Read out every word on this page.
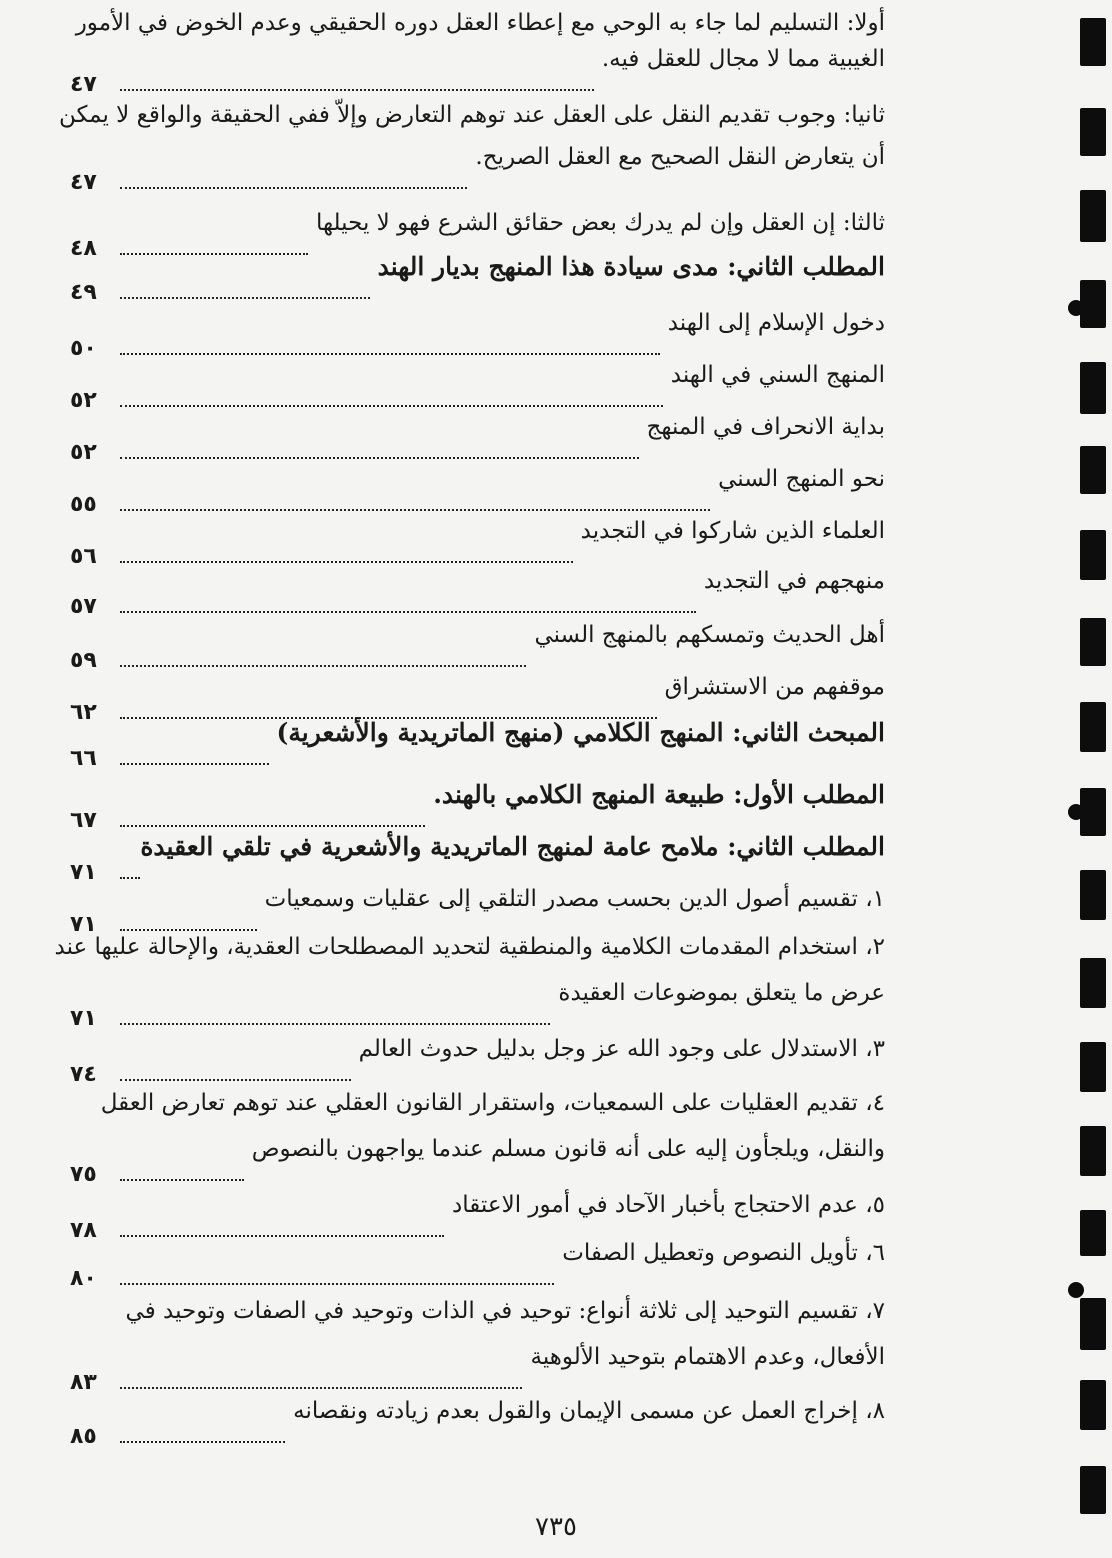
أولا: التسليم لما جاء به الوحي مع إعطاء العقل دوره الحقيقي وعدم الخوض في الأمور
الغيبية مما لا مجال للعقل فيه.
٤٧
ثانيا: وجوب تقديم النقل على العقل عند توهم التعارض وإلاّ ففي الحقيقة والواقع لا يمكن
أن يتعارض النقل الصحيح مع العقل الصريح.
٤٧
ثالثا: إن العقل وإن لم يدرك بعض حقائق الشرع فهو لا يحيلها
٤٨
المطلب الثاني: مدى سيادة هذا المنهج بديار الهند
٤٩
دخول الإسلام إلى الهند
٥٠
المنهج السني في الهند
٥٢
بداية الانحراف في المنهج
٥٢
نحو المنهج السني
٥٥
العلماء الذين شاركوا في التجديد
٥٦
منهجهم في التجديد
٥٧
أهل الحديث وتمسكهم بالمنهج السني
٥٩
موقفهم من الاستشراق
٦٢
المبحث الثاني: المنهج الكلامي (منهج الماتريدية والأشعرية)
٦٦
المطلب الأول: طبيعة المنهج الكلامي بالهند.
٦٧
المطلب الثاني: ملامح عامة لمنهج الماتريدية والأشعرية في تلقي العقيدة
٧١
١، تقسيم أصول الدين بحسب مصدر التلقي إلى عقليات وسمعيات
٧١
٢، استخدام المقدمات الكلامية والمنطقية لتحديد المصطلحات العقدية، والإحالة عليها عند
عرض ما يتعلق بموضوعات العقيدة
٧١
٣، الاستدلال على وجود الله عز وجل بدليل حدوث العالم
٧٤
٤، تقديم العقليات على السمعيات، واستقرار القانون العقلي عند توهم تعارض العقل
والنقل، ويلجأون إليه على أنه قانون مسلم عندما يواجهون بالنصوص
٧٥
٥، عدم الاحتجاج بأخبار الآحاد في أمور الاعتقاد
٧٨
٦، تأويل النصوص وتعطيل الصفات
٨٠
٧، تقسيم التوحيد إلى ثلاثة أنواع: توحيد في الذات وتوحيد في الصفات وتوحيد في
الأفعال، وعدم الاهتمام بتوحيد الألوهية
٨٣
٨، إخراج العمل عن مسمى الإيمان والقول بعدم زيادته ونقصانه
٨٥
٧٣٥
